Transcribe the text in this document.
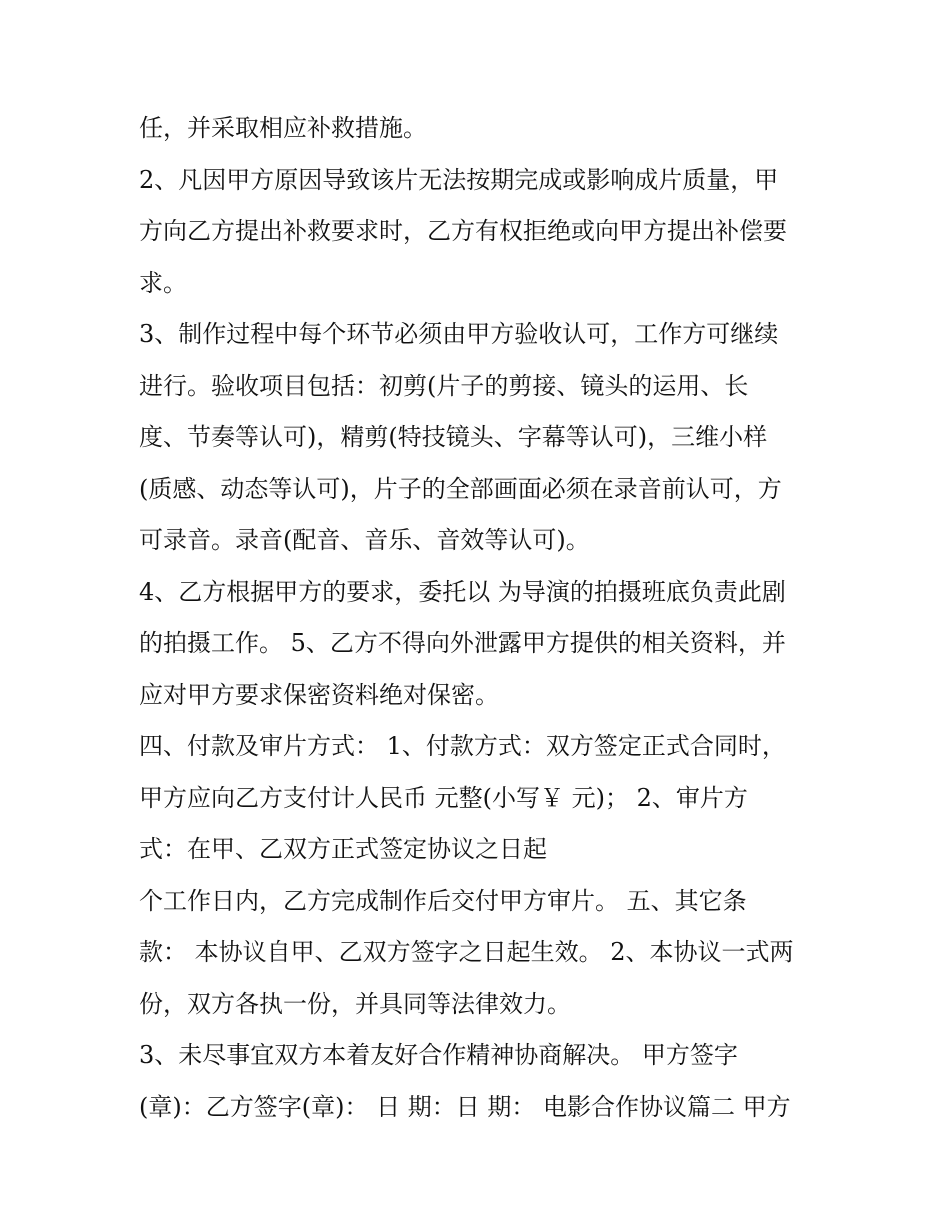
任，并采取相应补救措施。
2、凡因甲方原因导致该片无法按期完成或影响成片质量，甲
方向乙方提出补救要求时，乙方有权拒绝或向甲方提出补偿要
求。
3、制作过程中每个环节必须由甲方验收认可，工作方可继续
进行。验收项目包括：初剪(片子的剪接、镜头的运用、长
度、节奏等认可)，精剪(特技镜头、字幕等认可)，三维小样
(质感、动态等认可)，片子的全部画面必须在录音前认可，方
可录音。录音(配音、音乐、音效等认可)。
4、乙方根据甲方的要求，委托以 为导演的拍摄班底负责此剧
的拍摄工作。 5、乙方不得向外泄露甲方提供的相关资料，并
应对甲方要求保密资料绝对保密。
四、付款及审片方式： 1、付款方式：双方签定正式合同时，
甲方应向乙方支付计人民币 元整(小写￥ 元)； 2、审片方
式：在甲、乙双方正式签定协议之日起
个工作日内，乙方完成制作后交付甲方审片。 五、其它条
款： 本协议自甲、乙双方签字之日起生效。 2、本协议一式两
份，双方各执一份，并具同等法律效力。
3、未尽事宜双方本着友好合作精神协商解决。 甲方签字
(章)：乙方签字(章)： 日 期：日 期： 电影合作协议篇二 甲方
